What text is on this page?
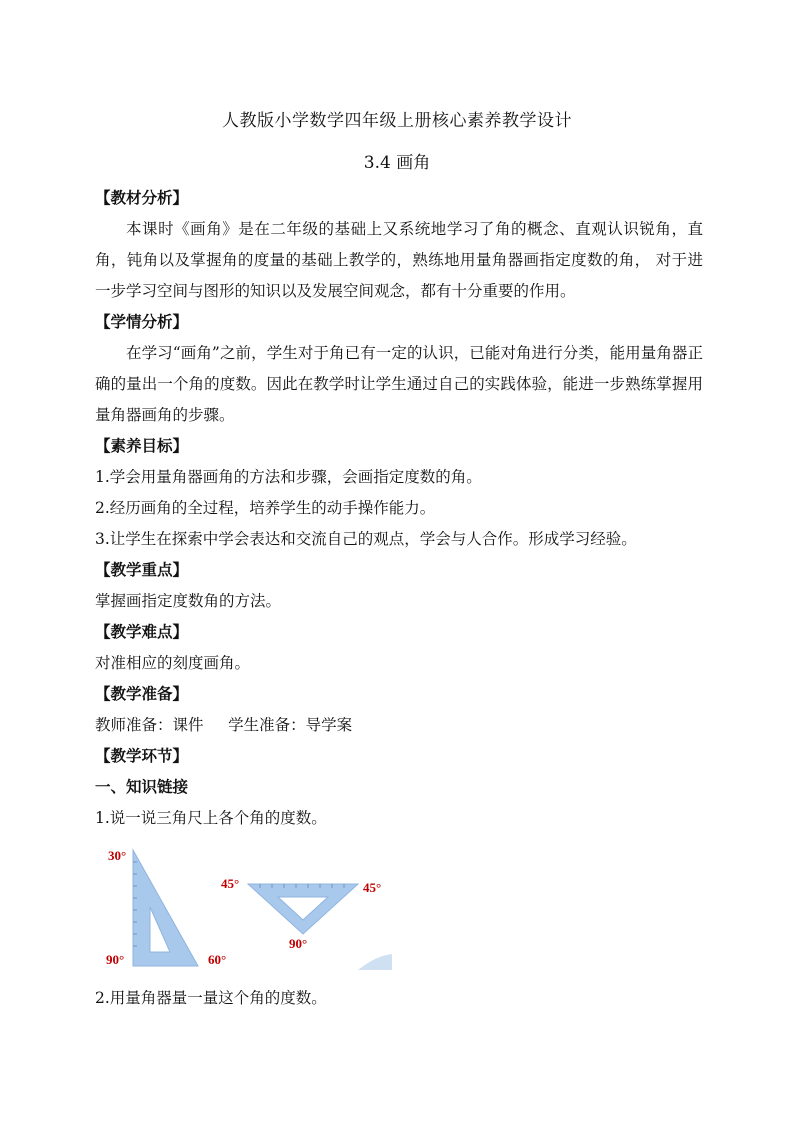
人教版小学数学四年级上册核心素养教学设计
3.4 画角
【教材分析】
本课时《画角》是在二年级的基础上又系统地学习了角的概念、直观认识锐角，直角，钝角以及掌握角的度量的基础上教学的，熟练地用量角器画指定度数的角， 对于进一步学习空间与图形的知识以及发展空间观念，都有十分重要的作用。
【学情分析】
在学习“画角”之前，学生对于角已有一定的认识，已能对角进行分类，能用量角器正确的量出一个角的度数。因此在教学时让学生通过自己的实践体验，能进一步熟练掌握用量角器画角的步骤。
【素养目标】
1.学会用量角器画角的方法和步骤，会画指定度数的角。
2.经历画角的全过程，培养学生的动手操作能力。
3.让学生在探索中学会表达和交流自己的观点，学会与人合作。形成学习经验。
【教学重点】
掌握画指定度数角的方法。
【教学难点】
对准相应的刻度画角。
【教学准备】
教师准备：课件     学生准备：导学案
【教学环节】
一、知识链接
1.说一说三角尺上各个角的度数。
30°
90°	60°
45°	45°
90°
2.用量角器量一量这个角的度数。
